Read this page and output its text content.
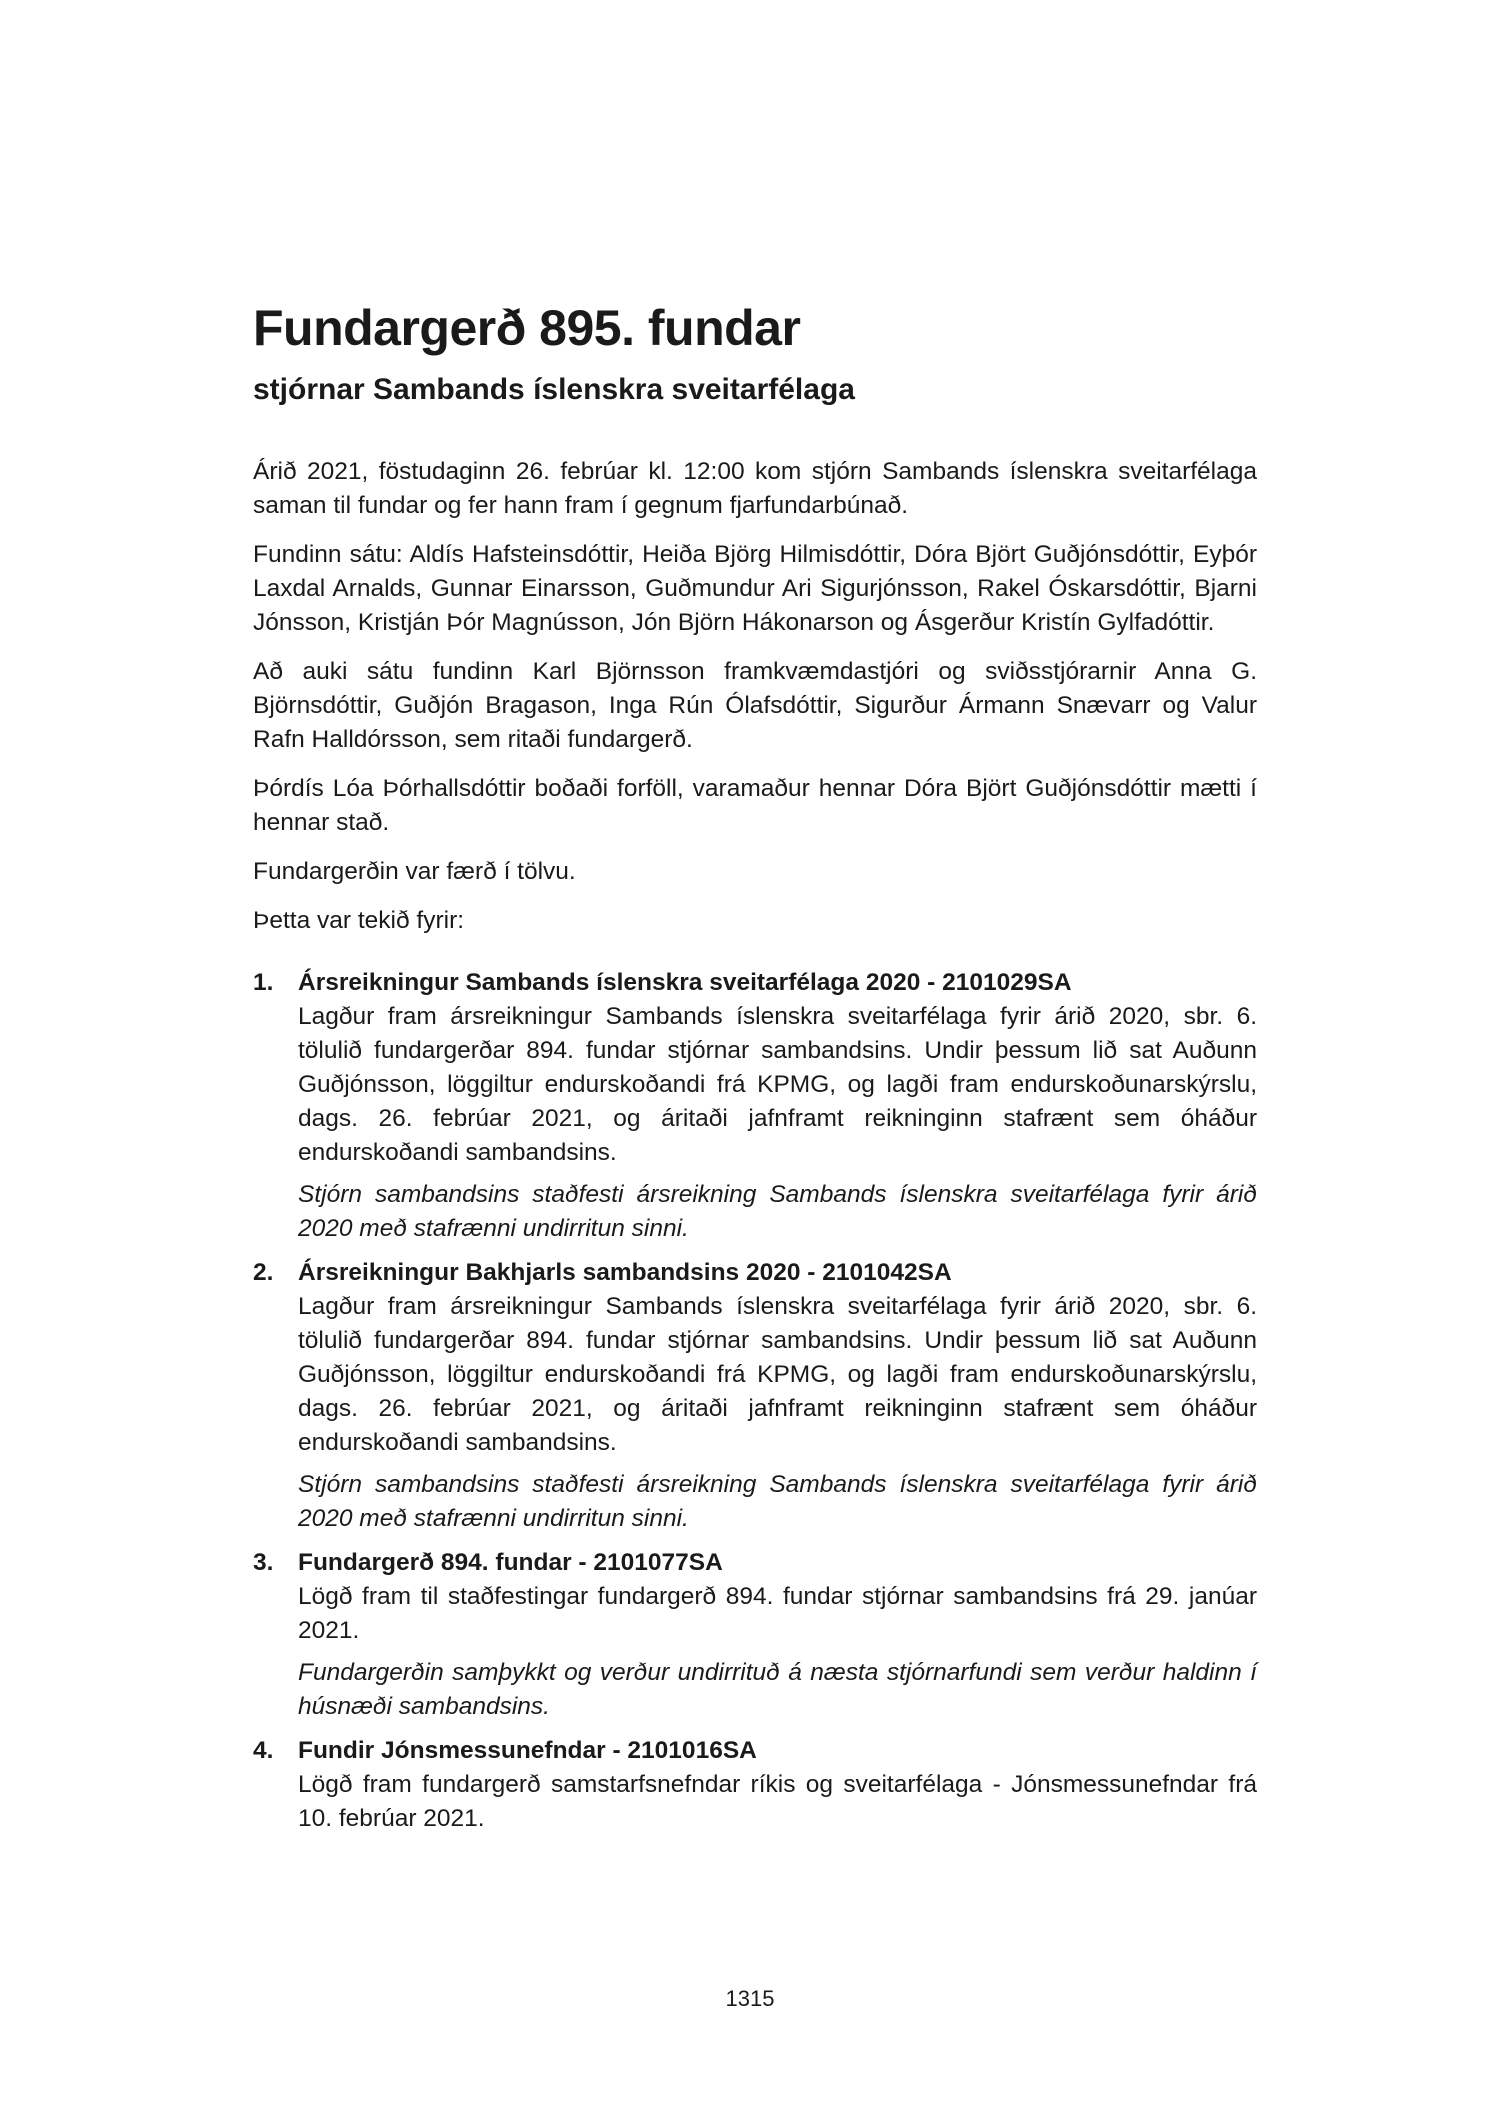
Fundargerð 895. fundar
stjórnar Sambands íslenskra sveitarfélaga

Árið 2021, föstudaginn 26. febrúar kl. 12:00 kom stjórn Sambands íslenskra sveitarfélaga saman til fundar og fer hann fram í gegnum fjarfundarbúnað.

Fundinn sátu: Aldís Hafsteinsdóttir, Heiða Björg Hilmisdóttir, Dóra Björt Guðjónsdóttir, Eyþór Laxdal Arnalds, Gunnar Einarsson, Guðmundur Ari Sigurjónsson, Rakel Óskarsdóttir, Bjarni Jónsson, Kristján Þór Magnússon, Jón Björn Hákonarson og Ásgerður Kristín Gylfadóttir.

Að auki sátu fundinn Karl Björnsson framkvæmdastjóri og sviðsstjórarnir Anna G. Björnsdóttir, Guðjón Bragason, Inga Rún Ólafsdóttir, Sigurður Ármann Snævarr og Valur Rafn Halldórsson, sem ritaði fundargerð.

Þórdís Lóa Þórhallsdóttir boðaði forföll, varamaður hennar Dóra Björt Guðjónsdóttir mætti í hennar stað.

Fundargerðin var færð í tölvu.

Þetta var tekið fyrir:

1. Ársreikningur Sambands íslenskra sveitarfélaga 2020 - 2101029SA

Lagður fram ársreikningur Sambands íslenskra sveitarfélaga fyrir árið 2020, sbr. 6. tölulið fundargerðar 894. fundar stjórnar sambandsins. Undir þessum lið sat Auðunn Guðjónsson, löggiltur endurskoðandi frá KPMG, og lagði fram endurskoðunarskýrslu, dags. 26. febrúar 2021, og áritaði jafnframt reikninginn stafrænt sem óháður endurskoðandi sambandsins.

Stjórn sambandsins staðfesti ársreikning Sambands íslenskra sveitarfélaga fyrir árið 2020 með stafrænni undirritun sinni.

2. Ársreikningur Bakhjarls sambandsins 2020 - 2101042SA

Lagður fram ársreikningur Sambands íslenskra sveitarfélaga fyrir árið 2020, sbr. 6. tölulið fundargerðar 894. fundar stjórnar sambandsins. Undir þessum lið sat Auðunn Guðjónsson, löggiltur endurskoðandi frá KPMG, og lagði fram endurskoðunarskýrslu, dags. 26. febrúar 2021, og áritaði jafnframt reikninginn stafrænt sem óháður endurskoðandi sambandsins.

Stjórn sambandsins staðfesti ársreikning Sambands íslenskra sveitarfélaga fyrir árið 2020 með stafrænni undirritun sinni.

3. Fundargerð 894. fundar - 2101077SA

Lögð fram til staðfestingar fundargerð 894. fundar stjórnar sambandsins frá 29. janúar 2021.

Fundargerðin samþykkt og verður undirrituð á næsta stjórnarfundi sem verður haldinn í húsnæði sambandsins.

4. Fundir Jónsmessunefndar - 2101016SA

Lögð fram fundargerð samstarfsnefndar ríkis og sveitarfélaga - Jónsmessunefndar frá 10. febrúar 2021.

1315
